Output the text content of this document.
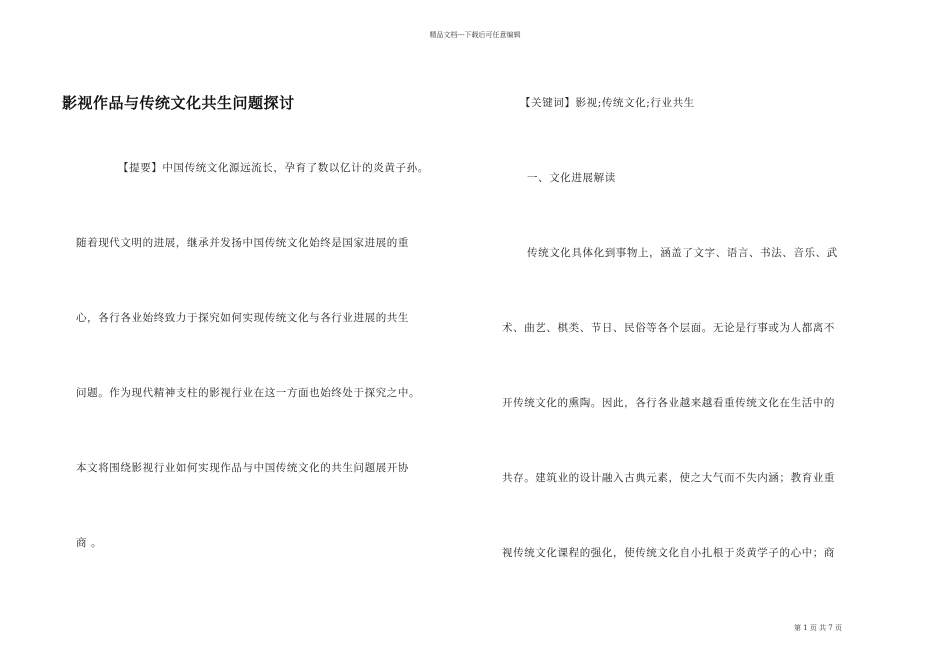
精品文档---下载后可任意编辑
影视作品与传统文化共生问题探讨
【提要】中国传统文化源远流长，孕育了数以亿计的炎黄子孙。
随着现代文明的进展，继承并发扬中国传统文化始终是国家进展的重
心，各行各业始终致力于探究如何实现传统文化与各行业进展的共生
问题。作为现代精神支柱的影视行业在这一方面也始终处于探究之中。
本文将围绕影视行业如何实现作品与中国传统文化的共生问题展开协
商 。
【关键词】影视;传统文化;行业共生
一、文化进展解读
传统文化具体化到事物上，涵盖了文字、语言、书法、音乐、武
术、曲艺、棋类、节日、民俗等各个层面。无论是行事或为人都离不
开传统文化的熏陶。因此，各行各业越来越看重传统文化在生活中的
共存。建筑业的设计融入古典元素，使之大气而不失内涵；教育业重
视传统文化课程的强化，使传统文化自小扎根于炎黄学子的心中；商
第 1 页 共 7 页
